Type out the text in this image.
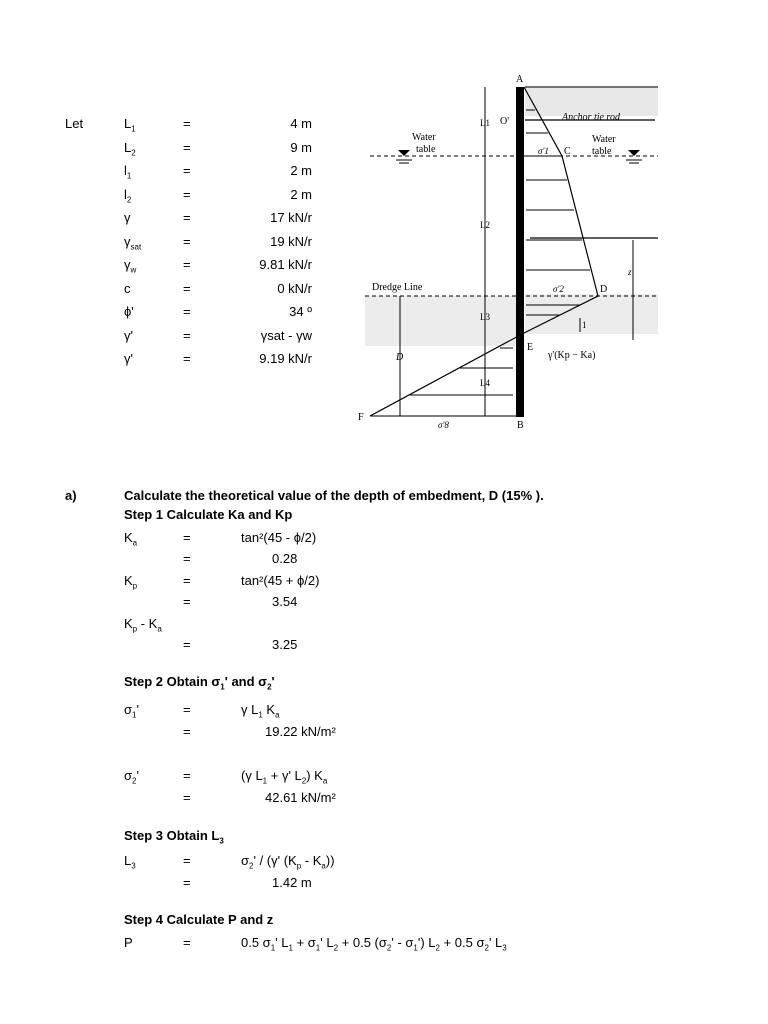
Let	$L_1$	=	4 m
$L_2$	=	9 m
$l_1$	=	2 m
$l_2$	=	2 m
γ	=	17 kN/r
$\gamma_{sat}$	=	19 kN/r
$\gamma_w$	=	9.81 kN/r
c	=	0 kN/r
ϕ'	=	34 º
γ'	=	γsat - γw
γ'	=	9.19 kN/r
A
B
C
D
E
F
O'
L1
L2
L3
L4
Anchor tie rod
Water
table
Water
table
Dredge Line
σ'1
σ'2
σ'8
D
z
1
γ'(Kp − Ka)
a)	Calculate the theoretical value of the depth of embedment, D (15% ).
Step 1 Calculate Ka and Kp
$K_a$	=	tan²(45 - ϕ/2)
=	0.28
$K_p$	=	tan²(45 + ϕ/2)
=	3.54
$K_p - K_a$
=	3.25
Step 2 Obtain $\sigma_1'$ and $\sigma_2'$
$\sigma_1'$	=	γ $L_1$ $K_a$
=	19.22 kN/m²
$\sigma_2'$	=	(γ $L_1 + \gamma'$ $L_2$) $K_a$
=	42.61 kN/m²
Step 3 Obtain $L_3$
$L_3$	=	$\sigma_2' / (\gamma'$ $(K_p - K_a)$)
=	1.42 m
Step 4 Calculate P and z
P	=	0.5 $\sigma_1'$ $L_1 + \sigma_1'$ $L_2 + 0.5$ $(\sigma_2' - \sigma_1') L_2 + 0.5$ $\sigma_2'$ $L_3$
